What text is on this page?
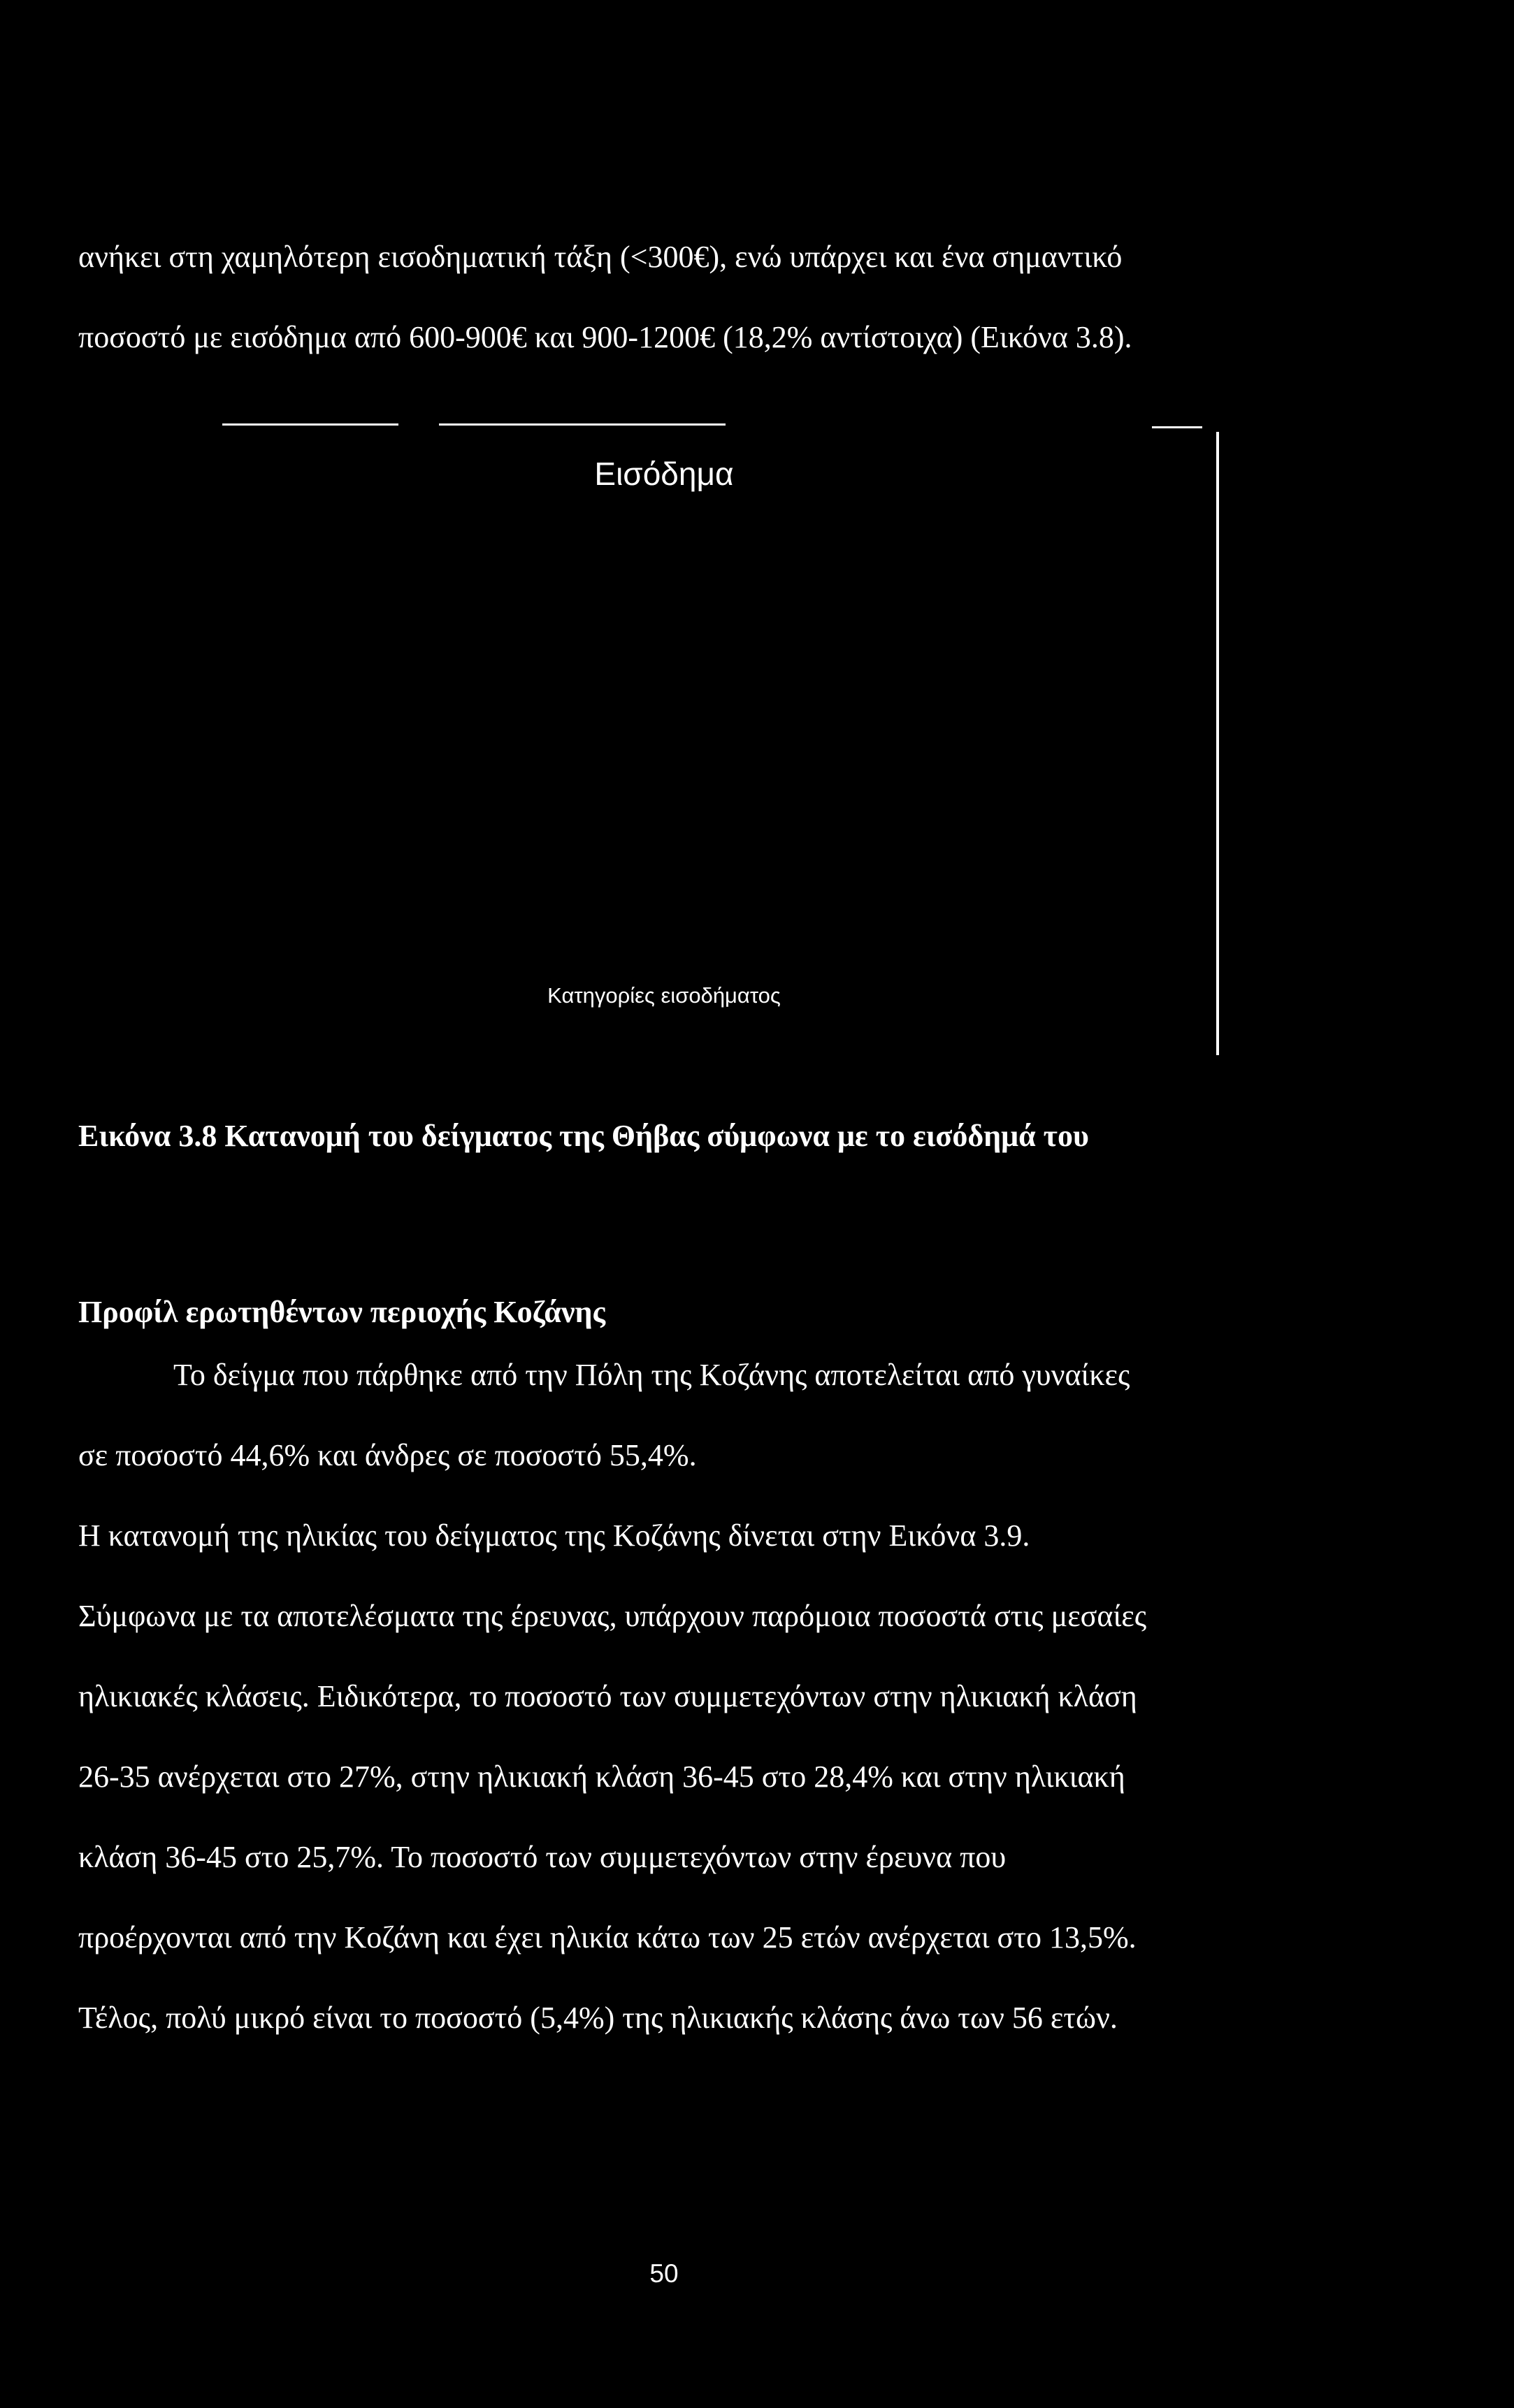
ανήκει στη χαμηλότερη εισοδηματική τάξη (<300€), ενώ υπάρχει και ένα σημαντικό
ποσοστό με εισόδημα από 600-900€ και 900-1200€ (18,2% αντίστοιχα) (Εικόνα 3.8).
Εισόδημα
Κατηγορίες εισοδήματος
Εικόνα 3.8 Κατανομή του δείγματος της Θήβας σύμφωνα με το εισόδημά του
Προφίλ ερωτηθέντων περιοχής Κοζάνης
Το δείγμα που πάρθηκε από την Πόλη της Κοζάνης αποτελείται από γυναίκες
σε ποσοστό 44,6% και άνδρες σε ποσοστό 55,4%.
Η κατανομή της ηλικίας του δείγματος της Κοζάνης δίνεται στην Εικόνα 3.9.
Σύμφωνα με τα αποτελέσματα της έρευνας, υπάρχουν παρόμοια ποσοστά στις μεσαίες
ηλικιακές κλάσεις. Ειδικότερα, το ποσοστό των συμμετεχόντων στην ηλικιακή κλάση
26-35 ανέρχεται στο 27%, στην ηλικιακή κλάση 36-45 στο 28,4% και στην ηλικιακή
κλάση 36-45 στο 25,7%. Το ποσοστό των συμμετεχόντων στην έρευνα που
προέρχονται από την Κοζάνη και έχει ηλικία κάτω των 25 ετών ανέρχεται στο 13,5%.
Τέλος, πολύ μικρό είναι το ποσοστό (5,4%) της ηλικιακής κλάσης άνω των 56 ετών.
50
